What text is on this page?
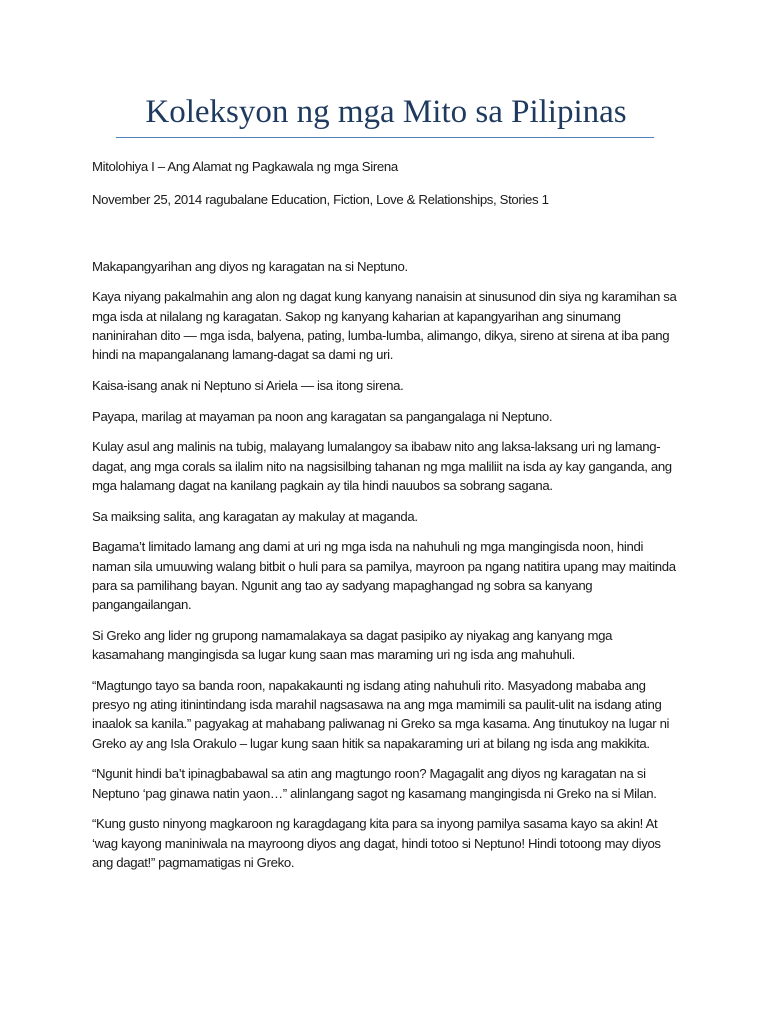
Koleksyon ng mga Mito sa Pilipinas

Mitolohiya I – Ang Alamat ng Pagkawala ng mga Sirena

November 25, 2014 ragubalane Education, Fiction, Love & Relationships, Stories 1

Makapangyarihan ang diyos ng karagatan na si Neptuno.

Kaya niyang pakalmahin ang alon ng dagat kung kanyang nanaisin at sinusunod din siya ng karamihan sa mga isda at nilalang ng karagatan. Sakop ng kanyang kaharian at kapangyarihan ang sinumang naninirahan dito — mga isda, balyena, pating, lumba-lumba, alimango, dikya, sireno at sirena at iba pang hindi na mapangalanang lamang-dagat sa dami ng uri.

Kaisa-isang anak ni Neptuno si Ariela — isa itong sirena.

Payapa, marilag at mayaman pa noon ang karagatan sa pangangalaga ni Neptuno.

Kulay asul ang malinis na tubig, malayang lumalangoy sa ibabaw nito ang laksa-laksang uri ng lamang-dagat, ang mga corals sa ilalim nito na nagsisilbing tahanan ng mga maliliit na isda ay kay ganganda, ang mga halamang dagat na kanilang pagkain ay tila hindi nauubos sa sobrang sagana.

Sa maiksing salita, ang karagatan ay makulay at maganda.

Bagama’t limitado lamang ang dami at uri ng mga isda na nahuhuli ng mga mangingisda noon, hindi naman sila umuuwing walang bitbit o huli para sa pamilya, mayroon pa ngang natitira upang may maitinda para sa pamilihang bayan. Ngunit ang tao ay sadyang mapaghangad ng sobra sa kanyang pangangailangan.

Si Greko ang lider ng grupong namamalakaya sa dagat pasipiko ay niyakag ang kanyang mga kasamahang mangingisda sa lugar kung saan mas maraming uri ng isda ang mahuhuli.

“Magtungo tayo sa banda roon, napakakaunti ng isdang ating nahuhuli rito. Masyadong mababa ang presyo ng ating itinintindang isda marahil nagsasawa na ang mga mamimili sa paulit-ulit na isdang ating inaalok sa kanila.” pagyakag at mahabang paliwanag ni Greko sa mga kasama. Ang tinutukoy na lugar ni Greko ay ang Isla Orakulo – lugar kung saan hitik sa napakaraming uri at bilang ng isda ang makikita.

“Ngunit hindi ba’t ipinagbabawal sa atin ang magtungo roon? Magagalit ang diyos ng karagatan na si Neptuno ‘pag ginawa natin yaon…” alinlangang sagot ng kasamang mangingisda ni Greko na si Milan.

“Kung gusto ninyong magkaroon ng karagdagang kita para sa inyong pamilya sasama kayo sa akin! At ‘wag kayong maniniwala na mayroong diyos ang dagat, hindi totoo si Neptuno! Hindi totoong may diyos ang dagat!” pagmamatigas ni Greko.
